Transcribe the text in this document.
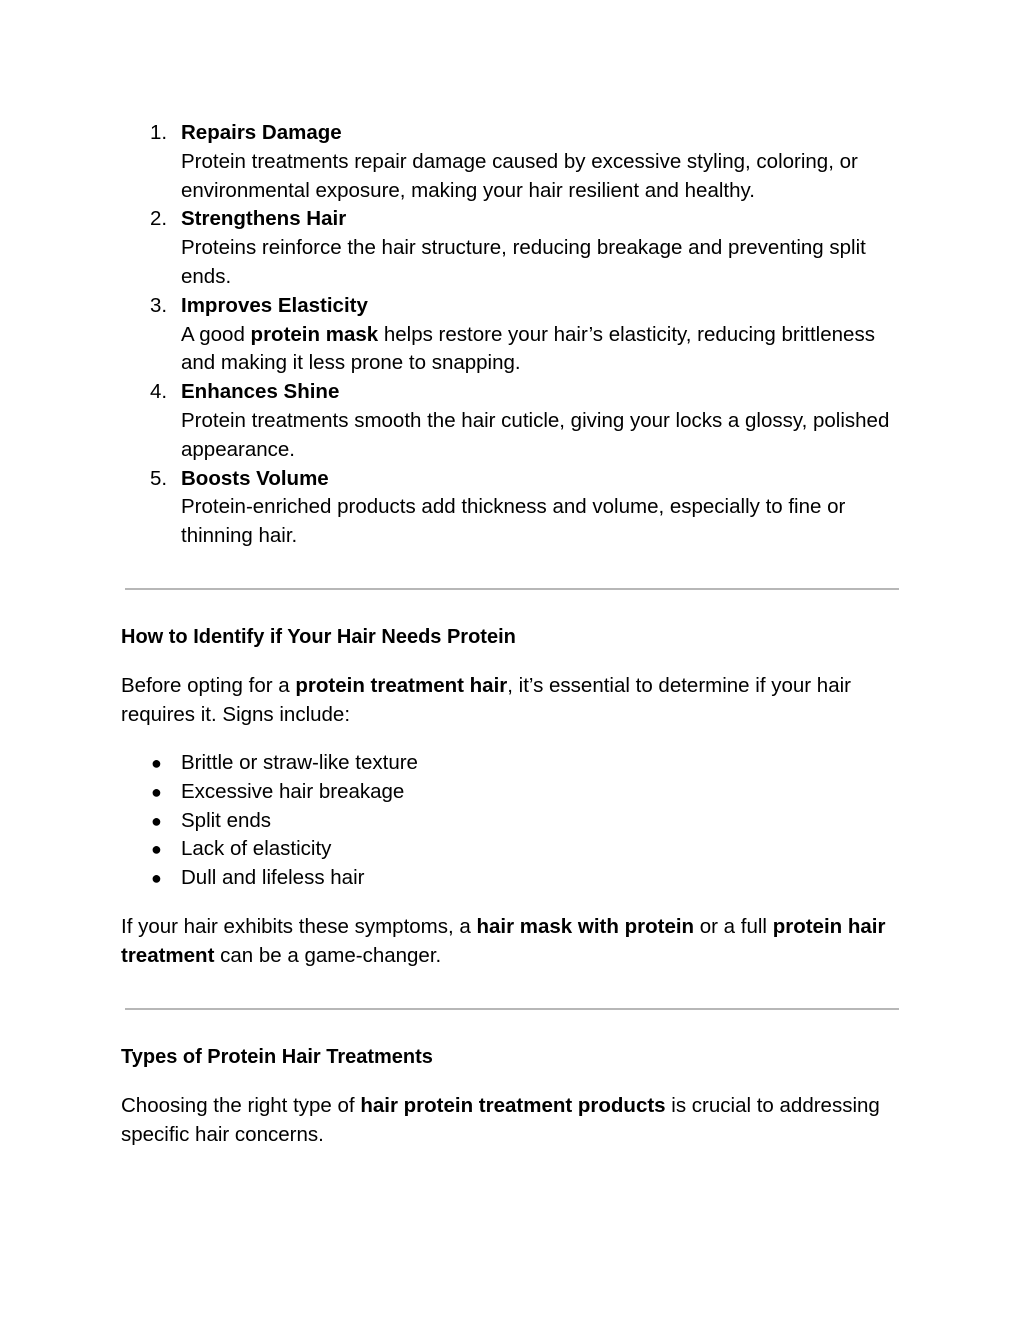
1. Repairs Damage
Protein treatments repair damage caused by excessive styling, coloring, or environmental exposure, making your hair resilient and healthy.
2. Strengthens Hair
Proteins reinforce the hair structure, reducing breakage and preventing split ends.
3. Improves Elasticity
A good protein mask helps restore your hair’s elasticity, reducing brittleness and making it less prone to snapping.
4. Enhances Shine
Protein treatments smooth the hair cuticle, giving your locks a glossy, polished appearance.
5. Boosts Volume
Protein-enriched products add thickness and volume, especially to fine or thinning hair.
How to Identify if Your Hair Needs Protein

Before opting for a protein treatment hair, it’s essential to determine if your hair requires it. Signs include:

● Brittle or straw-like texture
● Excessive hair breakage
● Split ends
● Lack of elasticity
● Dull and lifeless hair

If your hair exhibits these symptoms, a hair mask with protein or a full protein hair treatment can be a game-changer.

Types of Protein Hair Treatments

Choosing the right type of hair protein treatment products is crucial to addressing specific hair concerns.
